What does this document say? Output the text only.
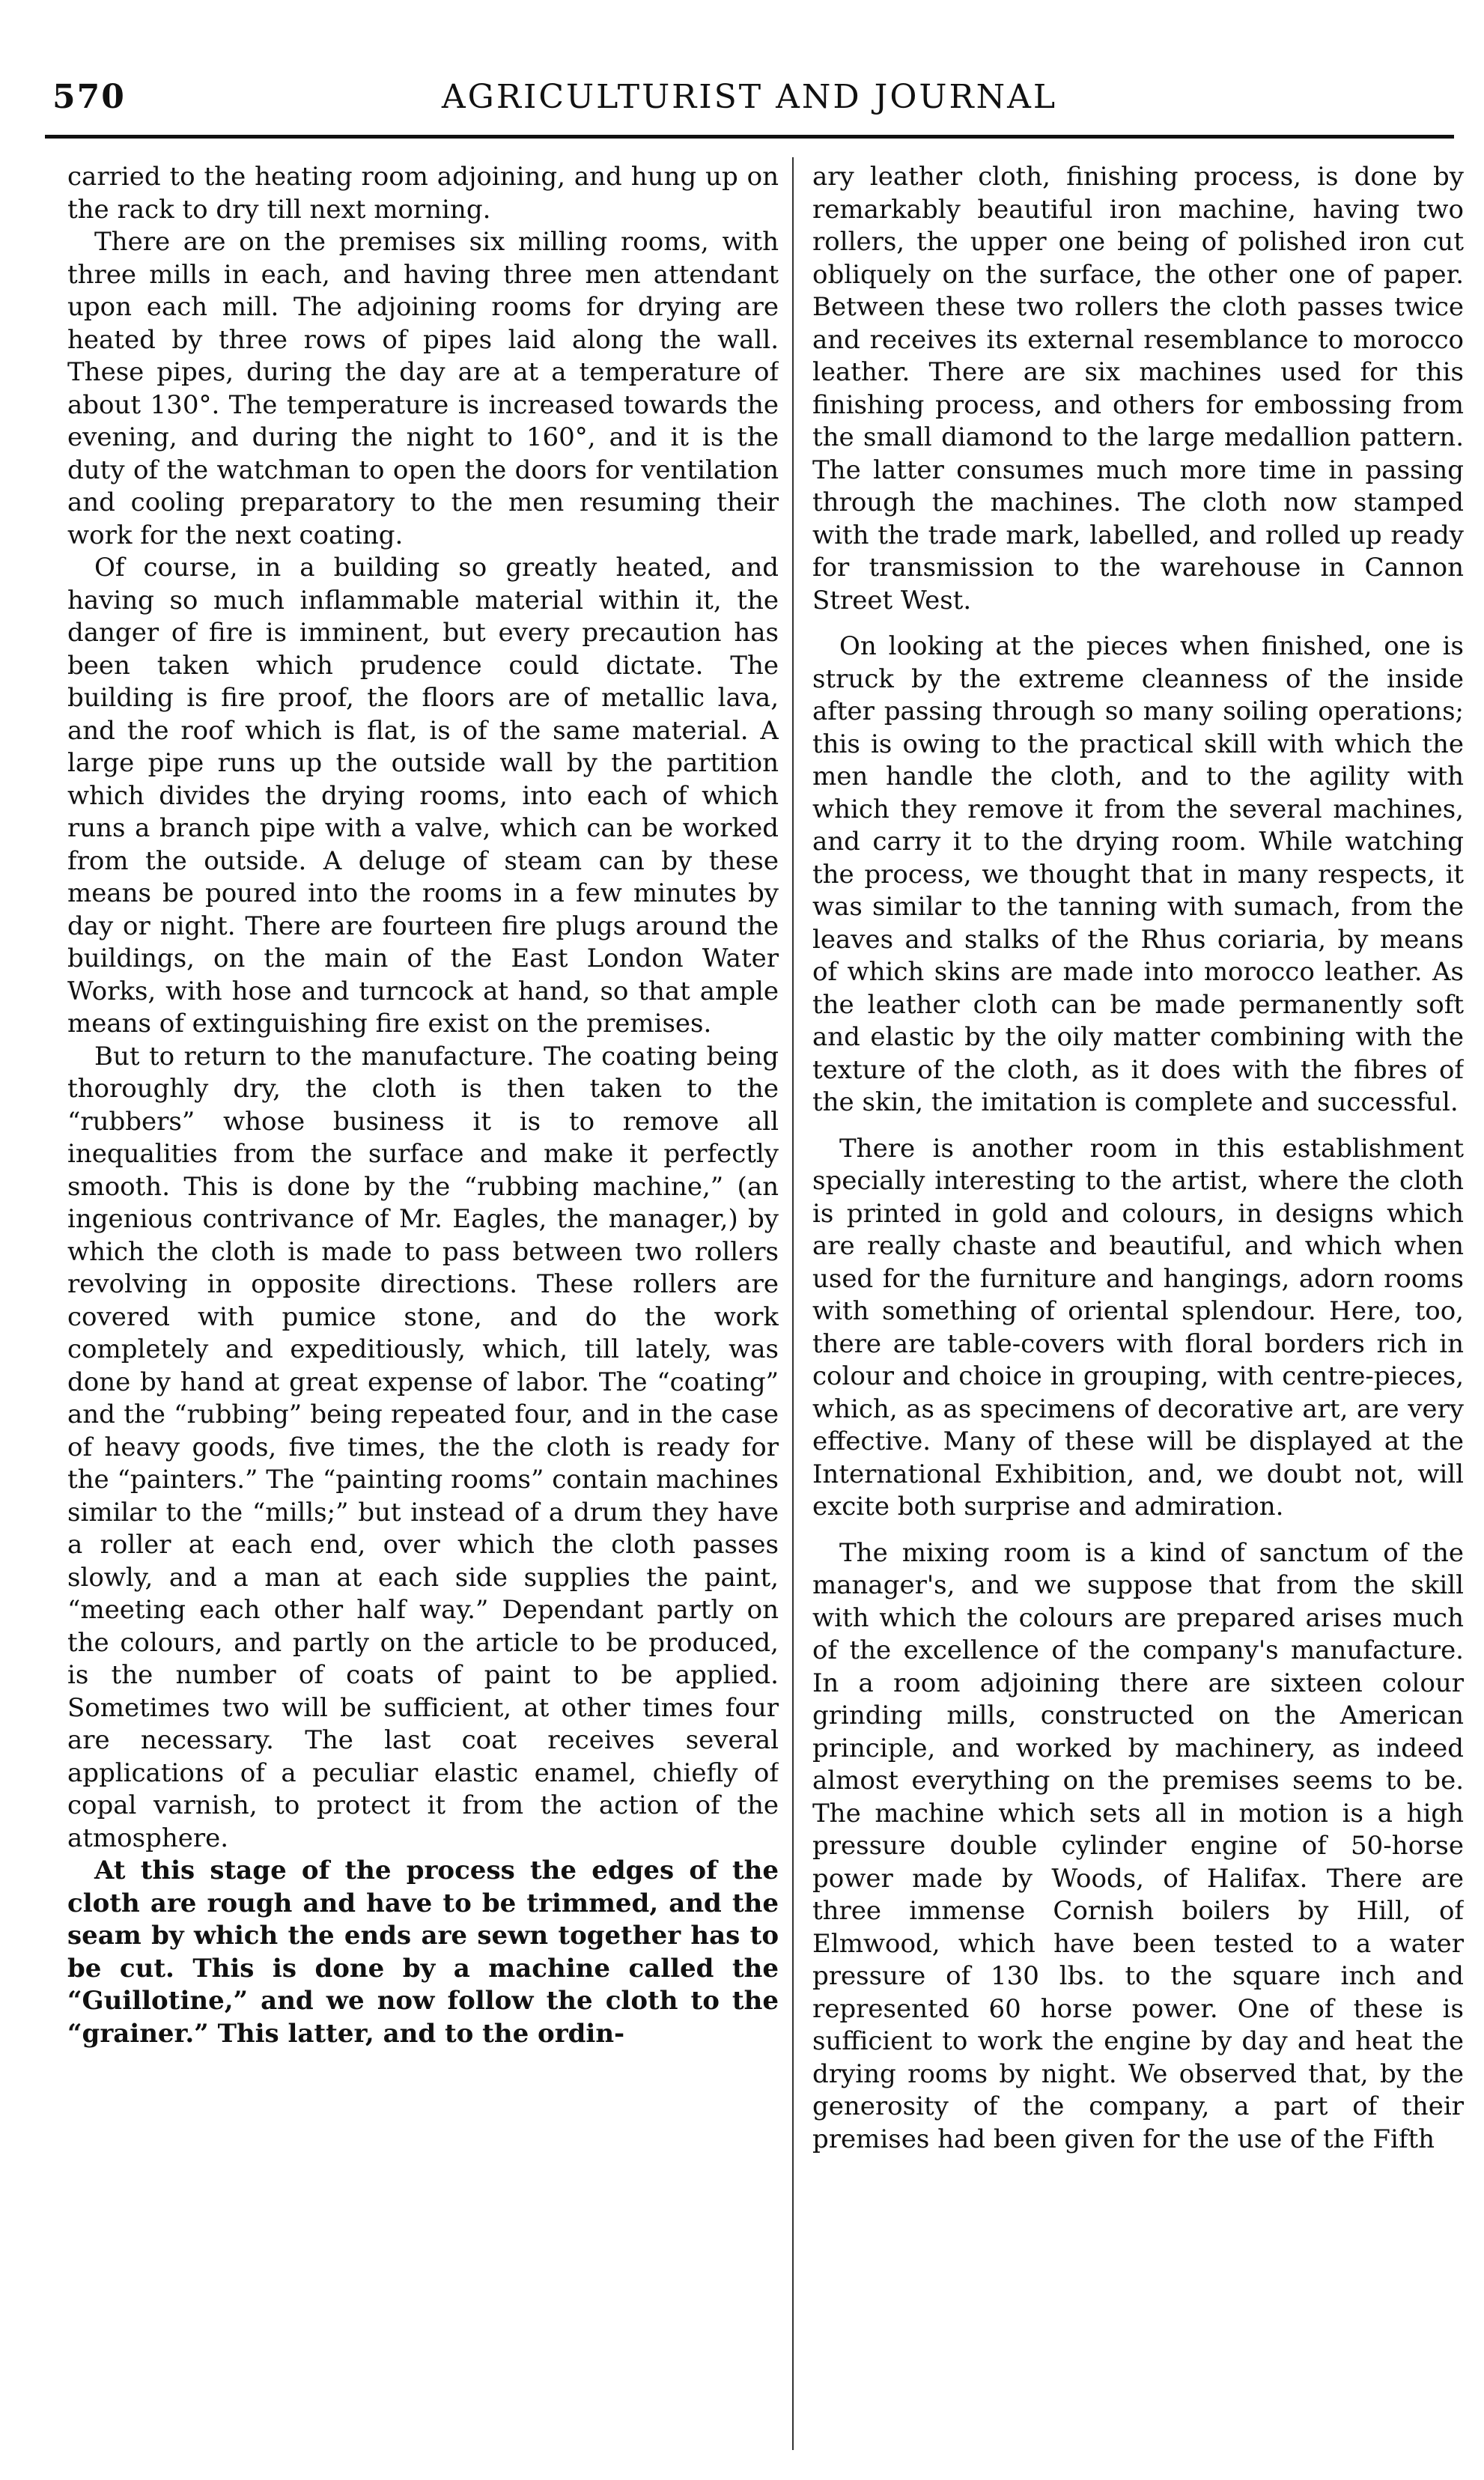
570	AGRICULTURIST AND JOURNAL

carried to the heating room adjoining, and hung up on the rack to dry till next morning.

There are on the premises six milling rooms, with three mills in each, and having three men attendant upon each mill. The adjoining rooms for drying are heated by three rows of pipes laid along the wall. These pipes, during the day are at a temperature of about 130°. The temperature is increased towards the evening, and during the night to 160°, and it is the duty of the watchman to open the doors for ventilation and cooling preparatory to the men resuming their work for the next coating.

Of course, in a building so greatly heated, and having so much inflammable material within it, the danger of fire is imminent, but every precaution has been taken which prudence could dictate. The building is fire proof, the floors are of metallic lava, and the roof which is flat, is of the same material. A large pipe runs up the outside wall by the partition which divides the drying rooms, into each of which runs a branch pipe with a valve, which can be worked from the outside. A deluge of steam can by these means be poured into the rooms in a few minutes by day or night. There are fourteen fire plugs around the buildings, on the main of the East London Water Works, with hose and turncock at hand, so that ample means of extinguishing fire exist on the premises.

But to return to the manufacture. The coating being thoroughly dry, the cloth is then taken to the “rubbers” whose business it is to remove all inequalities from the surface and make it perfectly smooth. This is done by the “rubbing machine,” (an ingenious contrivance of Mr. Eagles, the manager,) by which the cloth is made to pass between two rollers revolving in opposite directions. These rollers are covered with pumice stone, and do the work completely and expeditiously, which, till lately, was done by hand at great expense of labor. The “coating” and the “rubbing” being repeated four, and in the case of heavy goods, five times, the the cloth is ready for the “painters.” The “painting rooms” contain machines similar to the “mills;” but instead of a drum they have a roller at each end, over which the cloth passes slowly, and a man at each side supplies the paint, “meeting each other half way.” Dependant partly on the colours, and partly on the article to be produced, is the number of coats of paint to be applied. Sometimes two will be sufficient, at other times four are necessary. The last coat receives several applications of a peculiar elastic enamel, chiefly of copal varnish, to protect it from the action of the atmosphere.

At this stage of the process the edges of the cloth are rough and have to be trimmed, and the seam by which the ends are sewn together has to be cut. This is done by a machine called the “Guillotine,” and we now follow the cloth to the “grainer.” This latter, and to the ordin-

ary leather cloth, finishing process, is done by remarkably beautiful iron machine, having two rollers, the upper one being of polished iron cut obliquely on the surface, the other one of paper. Between these two rollers the cloth passes twice and receives its external resemblance to morocco leather. There are six machines used for this finishing process, and others for embossing from the small diamond to the large medallion pattern. The latter consumes much more time in passing through the machines. The cloth now stamped with the trade mark, labelled, and rolled up ready for transmission to the warehouse in Cannon Street West.

On looking at the pieces when finished, one is struck by the extreme cleanness of the inside after passing through so many soiling operations; this is owing to the practical skill with which the men handle the cloth, and to the agility with which they remove it from the several machines, and carry it to the drying room. While watching the process, we thought that in many respects, it was similar to the tanning with sumach, from the leaves and stalks of the Rhus coriaria, by means of which skins are made into morocco leather. As the leather cloth can be made permanently soft and elastic by the oily matter combining with the texture of the cloth, as it does with the fibres of the skin, the imitation is complete and successful.

There is another room in this establishment specially interesting to the artist, where the cloth is printed in gold and colours, in designs which are really chaste and beautiful, and which when used for the furniture and hangings, adorn rooms with something of oriental splendour. Here, too, there are table-covers with floral borders rich in colour and choice in grouping, with centre-pieces, which, as as specimens of decorative art, are very effective. Many of these will be displayed at the International Exhibition, and, we doubt not, will excite both surprise and admiration.

The mixing room is a kind of sanctum of the manager's, and we suppose that from the skill with which the colours are prepared arises much of the excellence of the company's manufacture. In a room adjoining there are sixteen colour grinding mills, constructed on the American principle, and worked by machinery, as indeed almost everything on the premises seems to be. The machine which sets all in motion is a high pressure double cylinder engine of 50-horse power made by Woods, of Halifax. There are three immense Cornish boilers by Hill, of Elmwood, which have been tested to a water pressure of 130 lbs. to the square inch and represented 60 horse power. One of these is sufficient to work the engine by day and heat the drying rooms by night. We observed that, by the generosity of the company, a part of their premises had been given for the use of the Fifth
